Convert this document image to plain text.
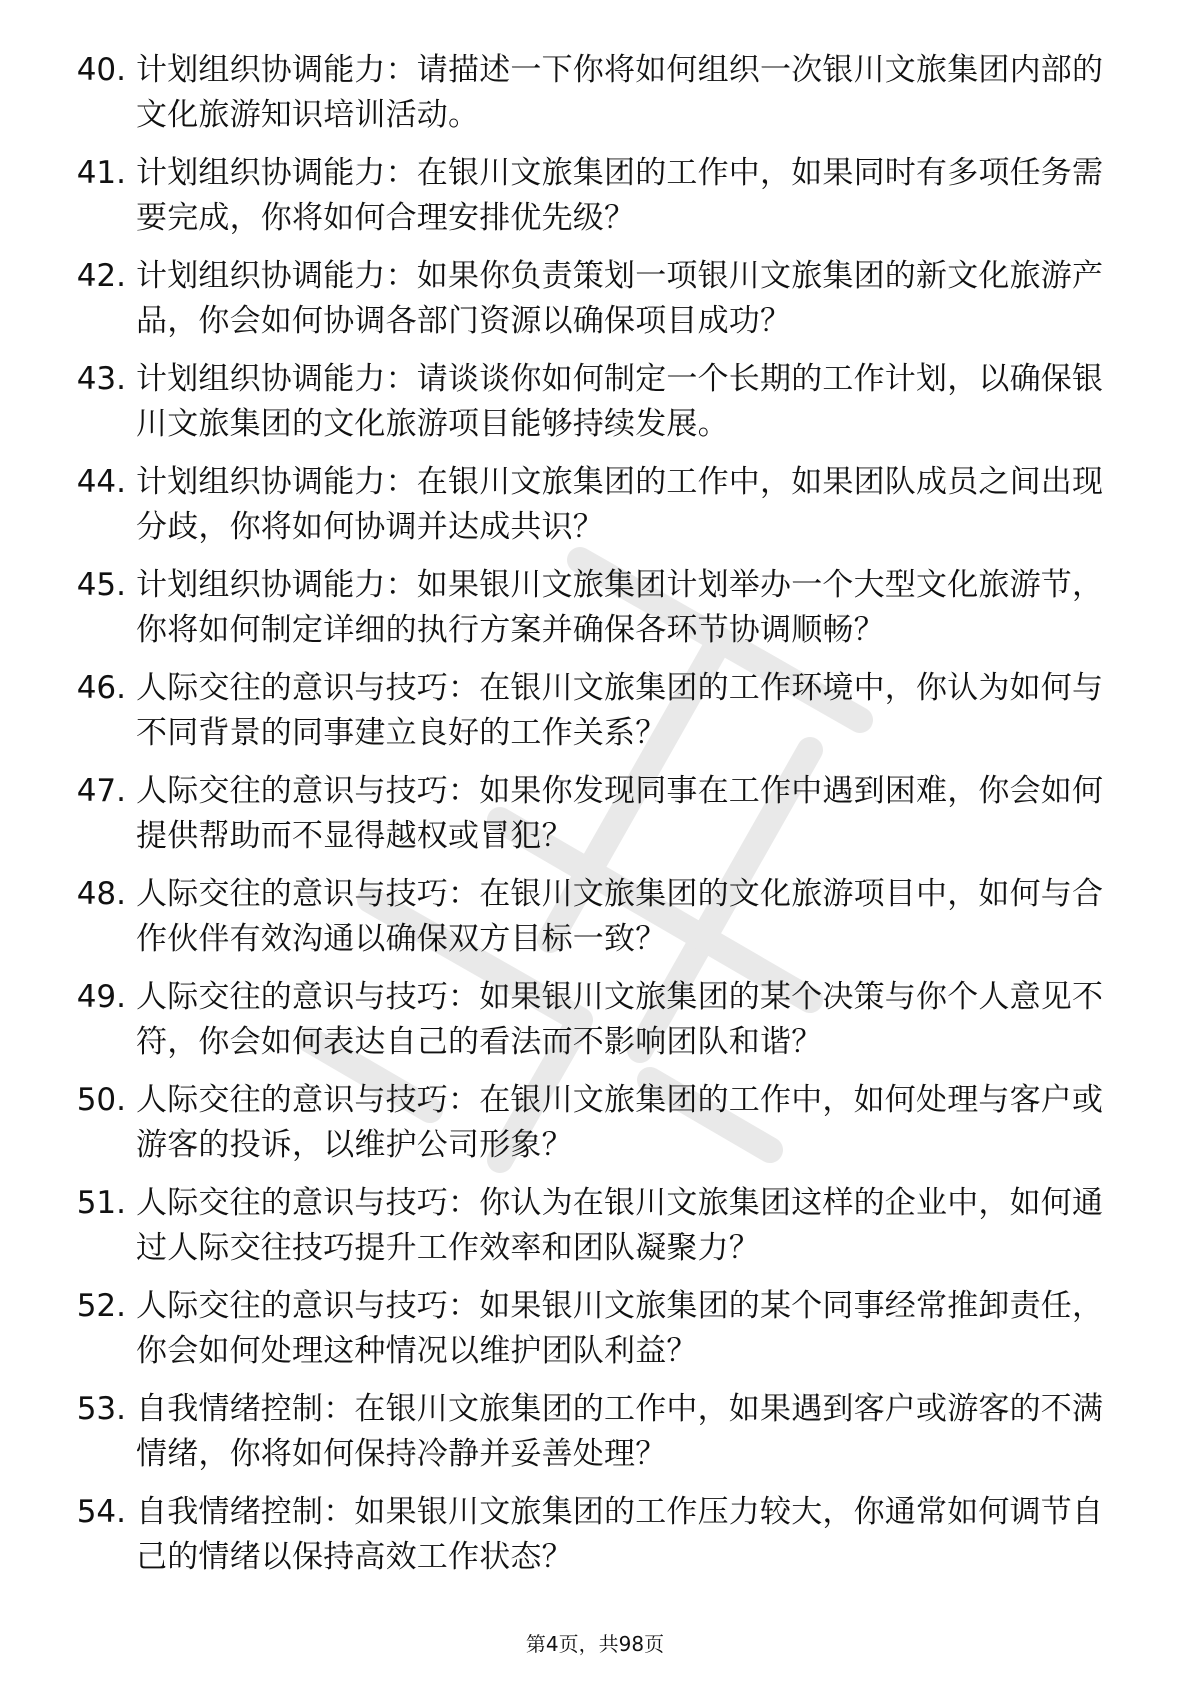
40. 计划组织协调能力：请描述一下你将如何组织一次银川文旅集团内部的文化旅游知识培训活动。
41. 计划组织协调能力：在银川文旅集团的工作中，如果同时有多项任务需要完成，你将如何合理安排优先级？
42. 计划组织协调能力：如果你负责策划一项银川文旅集团的新文化旅游产品，你会如何协调各部门资源以确保项目成功？
43. 计划组织协调能力：请谈谈你如何制定一个长期的工作计划，以确保银川文旅集团的文化旅游项目能够持续发展。
44. 计划组织协调能力：在银川文旅集团的工作中，如果团队成员之间出现分歧，你将如何协调并达成共识？
45. 计划组织协调能力：如果银川文旅集团计划举办一个大型文化旅游节，你将如何制定详细的执行方案并确保各环节协调顺畅？
46. 人际交往的意识与技巧：在银川文旅集团的工作环境中，你认为如何与不同背景的同事建立良好的工作关系？
47. 人际交往的意识与技巧：如果你发现同事在工作中遇到困难，你会如何提供帮助而不显得越权或冒犯？
48. 人际交往的意识与技巧：在银川文旅集团的文化旅游项目中，如何与合作伙伴有效沟通以确保双方目标一致？
49. 人际交往的意识与技巧：如果银川文旅集团的某个决策与你个人意见不符，你会如何表达自己的看法而不影响团队和谐？
50. 人际交往的意识与技巧：在银川文旅集团的工作中，如何处理与客户或游客的投诉，以维护公司形象？
51. 人际交往的意识与技巧：你认为在银川文旅集团这样的企业中，如何通过人际交往技巧提升工作效率和团队凝聚力？
52. 人际交往的意识与技巧：如果银川文旅集团的某个同事经常推卸责任，你会如何处理这种情况以维护团队利益？
53. 自我情绪控制：在银川文旅集团的工作中，如果遇到客户或游客的不满情绪，你将如何保持冷静并妥善处理？
54. 自我情绪控制：如果银川文旅集团的工作压力较大，你通常如何调节自己的情绪以保持高效工作状态？
第4页，共98页
